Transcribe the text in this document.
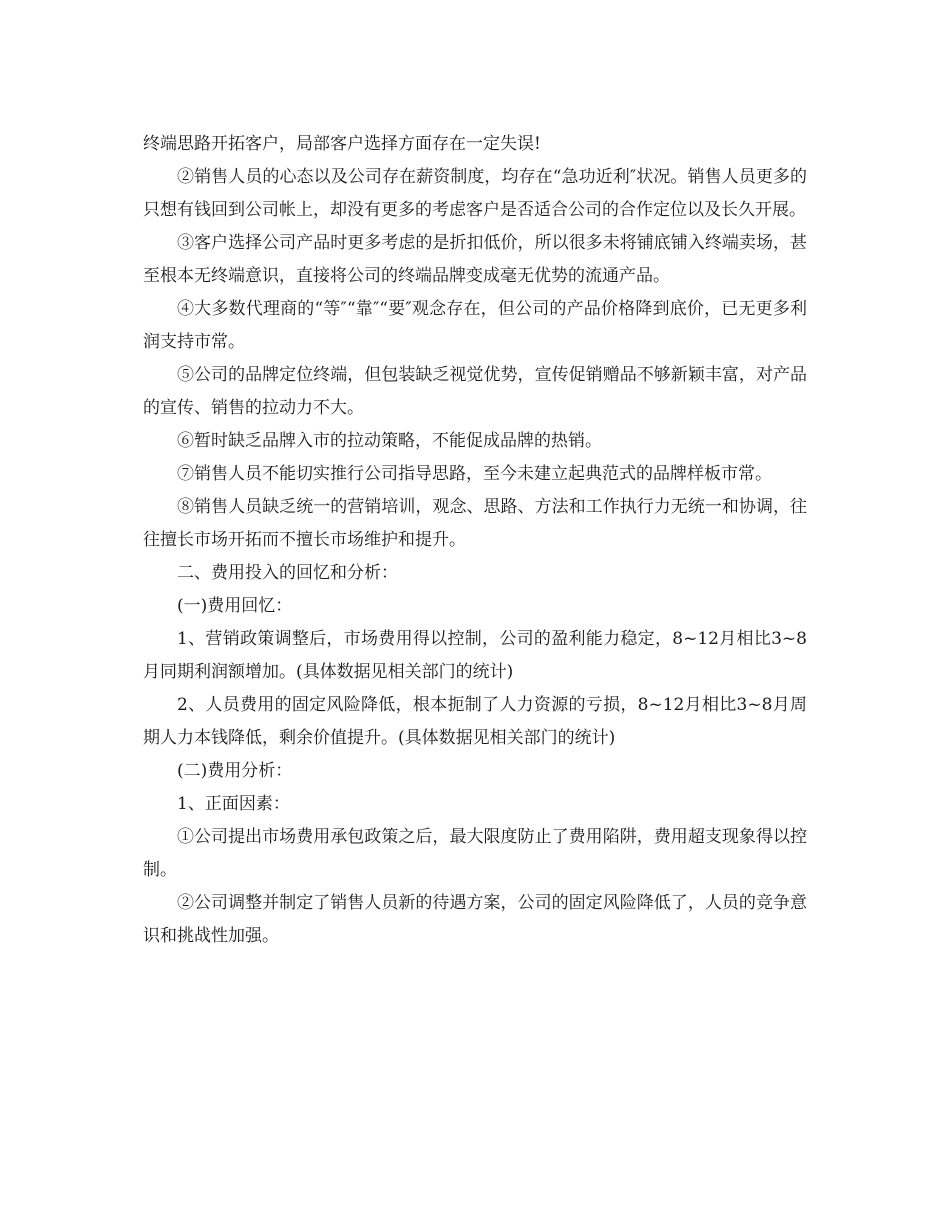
终端思路开拓客户，局部客户选择方面存在一定失误!

②销售人员的心态以及公司存在薪资制度，均存在“急功近利″状况。销售人员更多的只想有钱回到公司帐上，却没有更多的考虑客户是否适合公司的合作定位以及长久开展。

③客户选择公司产品时更多考虑的是折扣低价，所以很多未将铺底铺入终端卖场，甚至根本无终端意识，直接将公司的终端品牌变成毫无优势的流通产品。

④大多数代理商的“等″“靠″“要″观念存在，但公司的产品价格降到底价，已无更多利润支持市常。

⑤公司的品牌定位终端，但包装缺乏视觉优势，宣传促销赠品不够新颖丰富，对产品的宣传、销售的拉动力不大。

⑥暂时缺乏品牌入市的拉动策略，不能促成品牌的热销。

⑦销售人员不能切实推行公司指导思路，至今未建立起典范式的品牌样板市常。

⑧销售人员缺乏统一的营销培训，观念、思路、方法和工作执行力无统一和协调，往往擅长市场开拓而不擅长市场维护和提升。

二、费用投入的回忆和分析：

(一)费用回忆：

1、营销政策调整后，市场费用得以控制，公司的盈利能力稳定，8~12月相比3~8月同期利润额增加。(具体数据见相关部门的统计)

2、人员费用的固定风险降低，根本扼制了人力资源的亏损，8~12月相比3~8月周期人力本钱降低，剩余价值提升。(具体数据见相关部门的统计)

(二)费用分析：

1、正面因素：

①公司提出市场费用承包政策之后，最大限度防止了费用陷阱，费用超支现象得以控制。

②公司调整并制定了销售人员新的待遇方案，公司的固定风险降低了，人员的竞争意识和挑战性加强。
